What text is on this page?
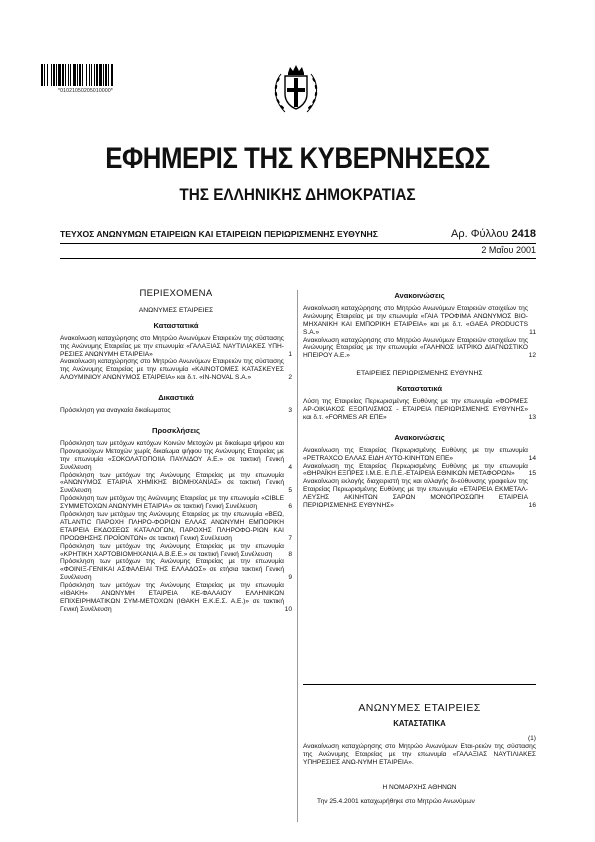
*01021050205010000*
ΕΦΗΜΕΡΙΣ ΤΗΣ ΚΥΒΕΡΝΗΣΕΩΣ
ΤΗΣ ΕΛΛΗΝΙΚΗΣ ΔΗΜΟΚΡΑΤΙΑΣ
ΤΕΥΧΟΣ ΑΝΩΝΥΜΩΝ ΕΤΑΙΡΕΙΩΝ ΚΑΙ ΕΤΑΙΡΕΙΩΝ ΠΕΡΙΩΡΙΣΜΕΝΗΣ ΕΥΘΥΝΗΣ	Αρ. Φύλλου 2418
2 Μαΐου 2001
ΠΕΡΙΕΧΟΜΕΝΑ
ΑΝΩΝΥΜΕΣ ΕΤΑΙΡΕΙΕΣ
Καταστατικά
Ανακοίνωση καταχώρησης στο Μητρώο Ανωνύμων Εταιρειών της σύστασης της Ανώνυμης Εταιρείας με την επωνυμία «ΓΑΛΑΞΙΑΣ ΝΑΥΤΙΛΙΑΚΕΣ ΥΠΗ-ΡΕΣΙΕΣ ΑΝΩΝΥΜΗ ΕΤΑΙΡΕΙΑ»	1
Ανακοίνωση καταχώρησης στο Μητρώο Ανωνύμων Εταιρειών της σύστασης της Ανώνυμης Εταιρείας με την επωνυμία «ΚΑΙΝΟΤΟΜΕΣ ΚΑΤΑΣΚΕΥΕΣ ΑΛΟΥΜΙΝΙΟΥ ΑΝΩΝΥΜΟΣ ΕΤΑΙΡΕΙΑ» και δ.τ. «ΙΝ-NOVAL S.A.»	2
Δικαστικά
Πρόσκληση για αναγκαία δικαίωματος	3
Προσκλήσεις
Πρόσκληση των μετόχων κατόχων Κοινών Μετοχών με δικαίωμα ψήφου και Προνομιούχων Μετοχών χωρίς δικαίωμα ψήφου της Ανώνυμης Εταιρείας με την επωνυμία «ΣΟΚΟΛΑΤΟΠΟΙΙΑ ΠΑΥΛΙΔΟΥ Α.Ε.» σε τακτική Γενική Συνέλευση	4
Πρόσκληση των μετόχων της Ανώνυμης Εταιρείας με την επωνυμία «ΑΝΩΝΥΜΟΣ ΕΤΑΙΡΙΑ ΧΗΜΙΚΗΣ ΒΙΟΜΗΧΑΝΙΑΣ» σε τακτική Γενική Συνέλευση	5
Πρόσκληση των μετόχων της Ανώνυμης Εταιρείας με την επωνυμία «CIBLE ΣΥΜΜΕΤΟΧΩΝ ΑΝΩΝΥΜΗ ΕΤΑΙΡΙΑ» σε τακτική Γενική Συνέλευση	6
Πρόσκληση των μετόχων της Ανώνυμης Εταιρείας με την επωνυμία «ΒΕΩ, ATLANTIC ΠΑΡΟΧΗ ΠΛΗΡΟ-ΦΟΡΙΩΝ ΕΛΛΑΣ ΑΝΩΝΥΜΗ ΕΜΠΟΡΙΚΗ ΕΤΑΙΡΕΙΑ ΕΚΔΟΣΕΩΣ ΚΑΤΑΛΟΓΩΝ, ΠΑΡΟΧΗΣ ΠΛΗΡΟΦΟ-ΡΙΩΝ ΚΑΙ ΠΡΟΩΘΗΣΗΣ ΠΡΟΪΟΝΤΩΝ» σε τακτική Γενική Συνέλευση	7
Πρόσκληση των μετόχων της Ανώνυμης Εταιρείας με την επωνυμία «ΚΡΗΤΙΚΗ ΧΑΡΤΟΒΙΟΜΗΧΑΝΙΑ Α.Β.Ε.Ε.» σε τακτική Γενική Συνέλευση	8
Πρόσκληση των μετόχων της Ανώνυμης Εταιρείας με την επωνυμία «ΦΟΙΝΙΞ-ΓΕΝΙΚΑΙ ΑΣΦΑΛΕΙΑΙ ΤΗΣ ΕΛΛΑΔΟΣ» σε ετήσια τακτική Γενική Συνέλευση	9
Πρόσκληση των μετόχων της Ανώνυμης Εταιρείας με την επωνυμία «ΙΘΑΚΗ» ΑΝΩΝΥΜΗ ΕΤΑΙΡΕΙΑ ΚΕ-ΦΑΛΑΙΟΥ ΕΛΛΗΝΙΚΩΝ ΕΠΙΧΕΙΡΗΜΑΤΙΚΩΝ ΣΥΜ-ΜΕΤΟΧΩΝ (ΙΘΑΚΗ Ε.Κ.Ε.Σ. Α.Ε.)» σε τακτική Γενική Συνέλευση	10
Ανακοινώσεις
Ανακοίνωση καταχώρησης στο Μητρώο Ανωνύμων Εταιρειών στοιχείων της Ανώνυμης Εταιρείας με την επωνυμία «ΓΑΙΑ ΤΡΟΦΙΜΑ ΑΝΩΝΥΜΟΣ ΒΙΟ-ΜΗΧΑΝΙΚΗ ΚΑΙ ΕΜΠΟΡΙΚΗ ΕΤΑΙΡΕΙΑ» και με δ.τ. «GAEA PRODUCTS S.A.»	11
Ανακοίνωση καταχώρησης στο Μητρώο Ανωνύμων Εταιρειών στοιχείων της Ανώνυμης Εταιρείας με την επωνυμία «ΓΑΛΗΝΟΣ ΙΑΤΡΙΚΟ ΔΙΑΓΝΩΣΤΙΚΟ ΗΠΕΙΡΟΥ Α.Ε.»	12
ΕΤΑΙΡΕΙΕΣ ΠΕΡΙΩΡΙΣΜΕΝΗΣ ΕΥΘΥΝΗΣ
Καταστατικά
Λύση της Εταιρείας Περιωρισμένης Ευθύνης με την επωνυμία «ΦΟΡΜΕΣ ΑΡ-ΟΙΚΙΑΚΟΣ ΕΞΟΠΛΙΣΜΟΣ - ΕΤΑΙΡΕΙΑ ΠΕΡΙΩΡΙΣΜΕΝΗΣ ΕΥΘΥΝΗΣ» και δ.τ. «FORMES AR ΕΠΕ»	13
Ανακοινώσεις
Ανακοίνωση της Εταιρείας Περιωρισμένης Ευθύνης με την επωνυμία «PETRAXCO ΕΛΛΑΣ ΕΙΔΗ ΑΥΤΟ-ΚΙΝΗΤΩΝ ΕΠΕ»	14
Ανακοίνωση της Εταιρείας Περιωρισμένης Ευθύνης με την επωνυμία «ΘΗΡΑΪΚΗ ΕΞΠΡΕΣ Ι.Μ.Ε. Ε.Π.Ε.-ΕΤΑΙΡΕΙΑ ΕΘΝΙΚΩΝ ΜΕΤΑΦΟΡΩΝ»	15
Ανακοίνωση εκλογής διαχειριστή της και αλλαγής δι-εύθυνσης γραφείων της Εταιρείας Περιωρισμένης Ευθύνης με την επωνυμία «ΕΤΑΙΡΕΙΑ ΕΚΜΕΤΑΛ-ΛΕΥΣΗΣ ΑΚΙΝΗΤΩΝ ΣΑΡΩΝ ΜΟΝΟΠΡΟΣΩΠΗ ΕΤΑΙΡΕΙΑ ΠΕΡΙΩΡΙΣΜΕΝΗΣ ΕΥΘΥΝΗΣ»	16
ΑΝΩΝΥΜΕΣ ΕΤΑΙΡΕΙΕΣ
ΚΑΤΑΣΤΑΤΙΚΑ
(1)
Ανακοίνωση καταχώρησης στο Μητρώο Ανωνύμων Εται-ρειών της σύστασης της Ανώνυμης Εταιρείας με την επωνυμία «ΓΑΛΑΞΙΑΣ ΝΑΥΤΙΛΙΑΚΕΣ ΥΠΗΡΕΣΙΕΣ ΑΝΩ-ΝΥΜΗ ΕΤΑΙΡΕΙΑ».
Η ΝΟΜΑΡΧΗΣ ΑΘΗΝΩΝ
Την 25.4.2001 καταχωρήθηκε στο Μητρώο Ανωνύμων
